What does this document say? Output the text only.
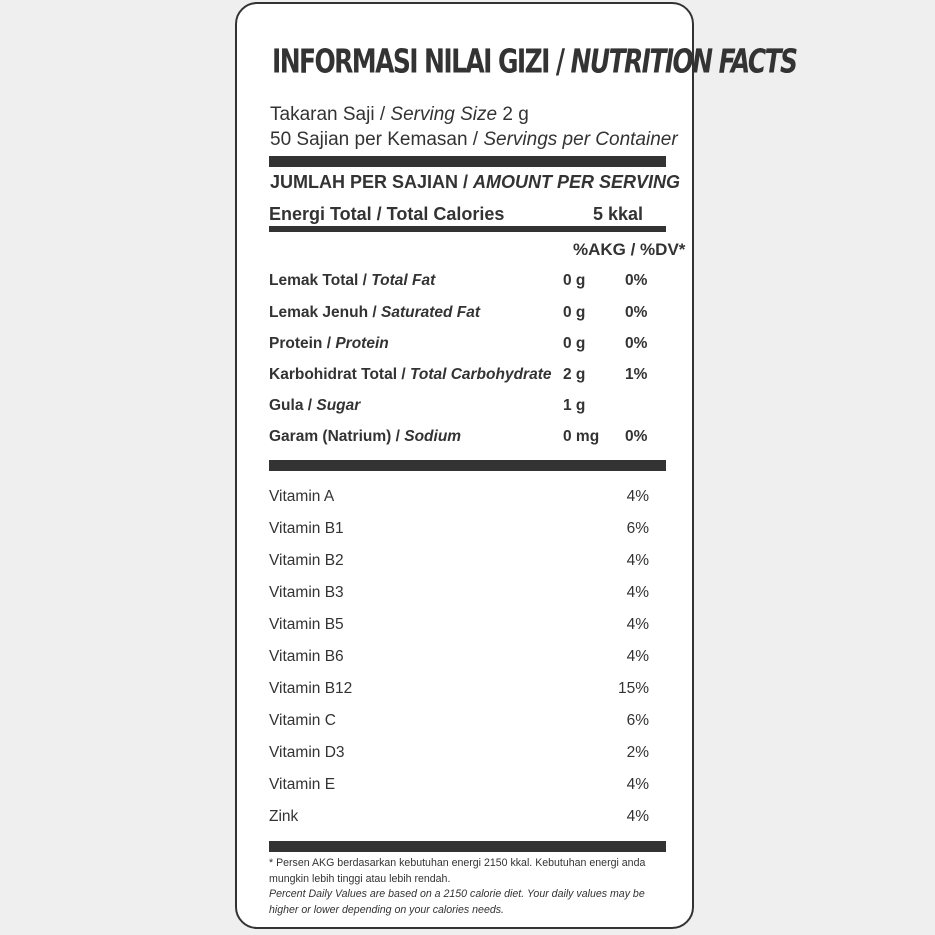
INFORMASI NILAI GIZI / NUTRITION FACTS
Takaran Saji / Serving Size 2 g
50 Sajian per Kemasan / Servings per Container
JUMLAH PER SAJIAN / AMOUNT PER SERVING
Energi Total / Total Calories	5 kkal
%AKG / %DV*
Lemak Total / Total Fat	0 g	0%
Lemak Jenuh / Saturated Fat	0 g	0%
Protein / Protein	0 g	0%
Karbohidrat Total / Total Carbohydrate 2 g	1%
Gula / Sugar	1 g
Garam (Natrium) / Sodium	0 mg 0%
Vitamin A	4%
Vitamin B1	6%
Vitamin B2	4%
Vitamin B3	4%
Vitamin B5	4%
Vitamin B6	4%
Vitamin B12	15%
Vitamin C	6%
Vitamin D3	2%
Vitamin E	4%
Zink	4%

* Persen AKG berdasarkan kebutuhan energi 2150 kkal. Kebutuhan energi anda mungkin lebih tinggi atau lebih rendah.

Percent Daily Values are based on a 2150 calorie diet. Your daily values may be higher or lower depending on your calories needs.
